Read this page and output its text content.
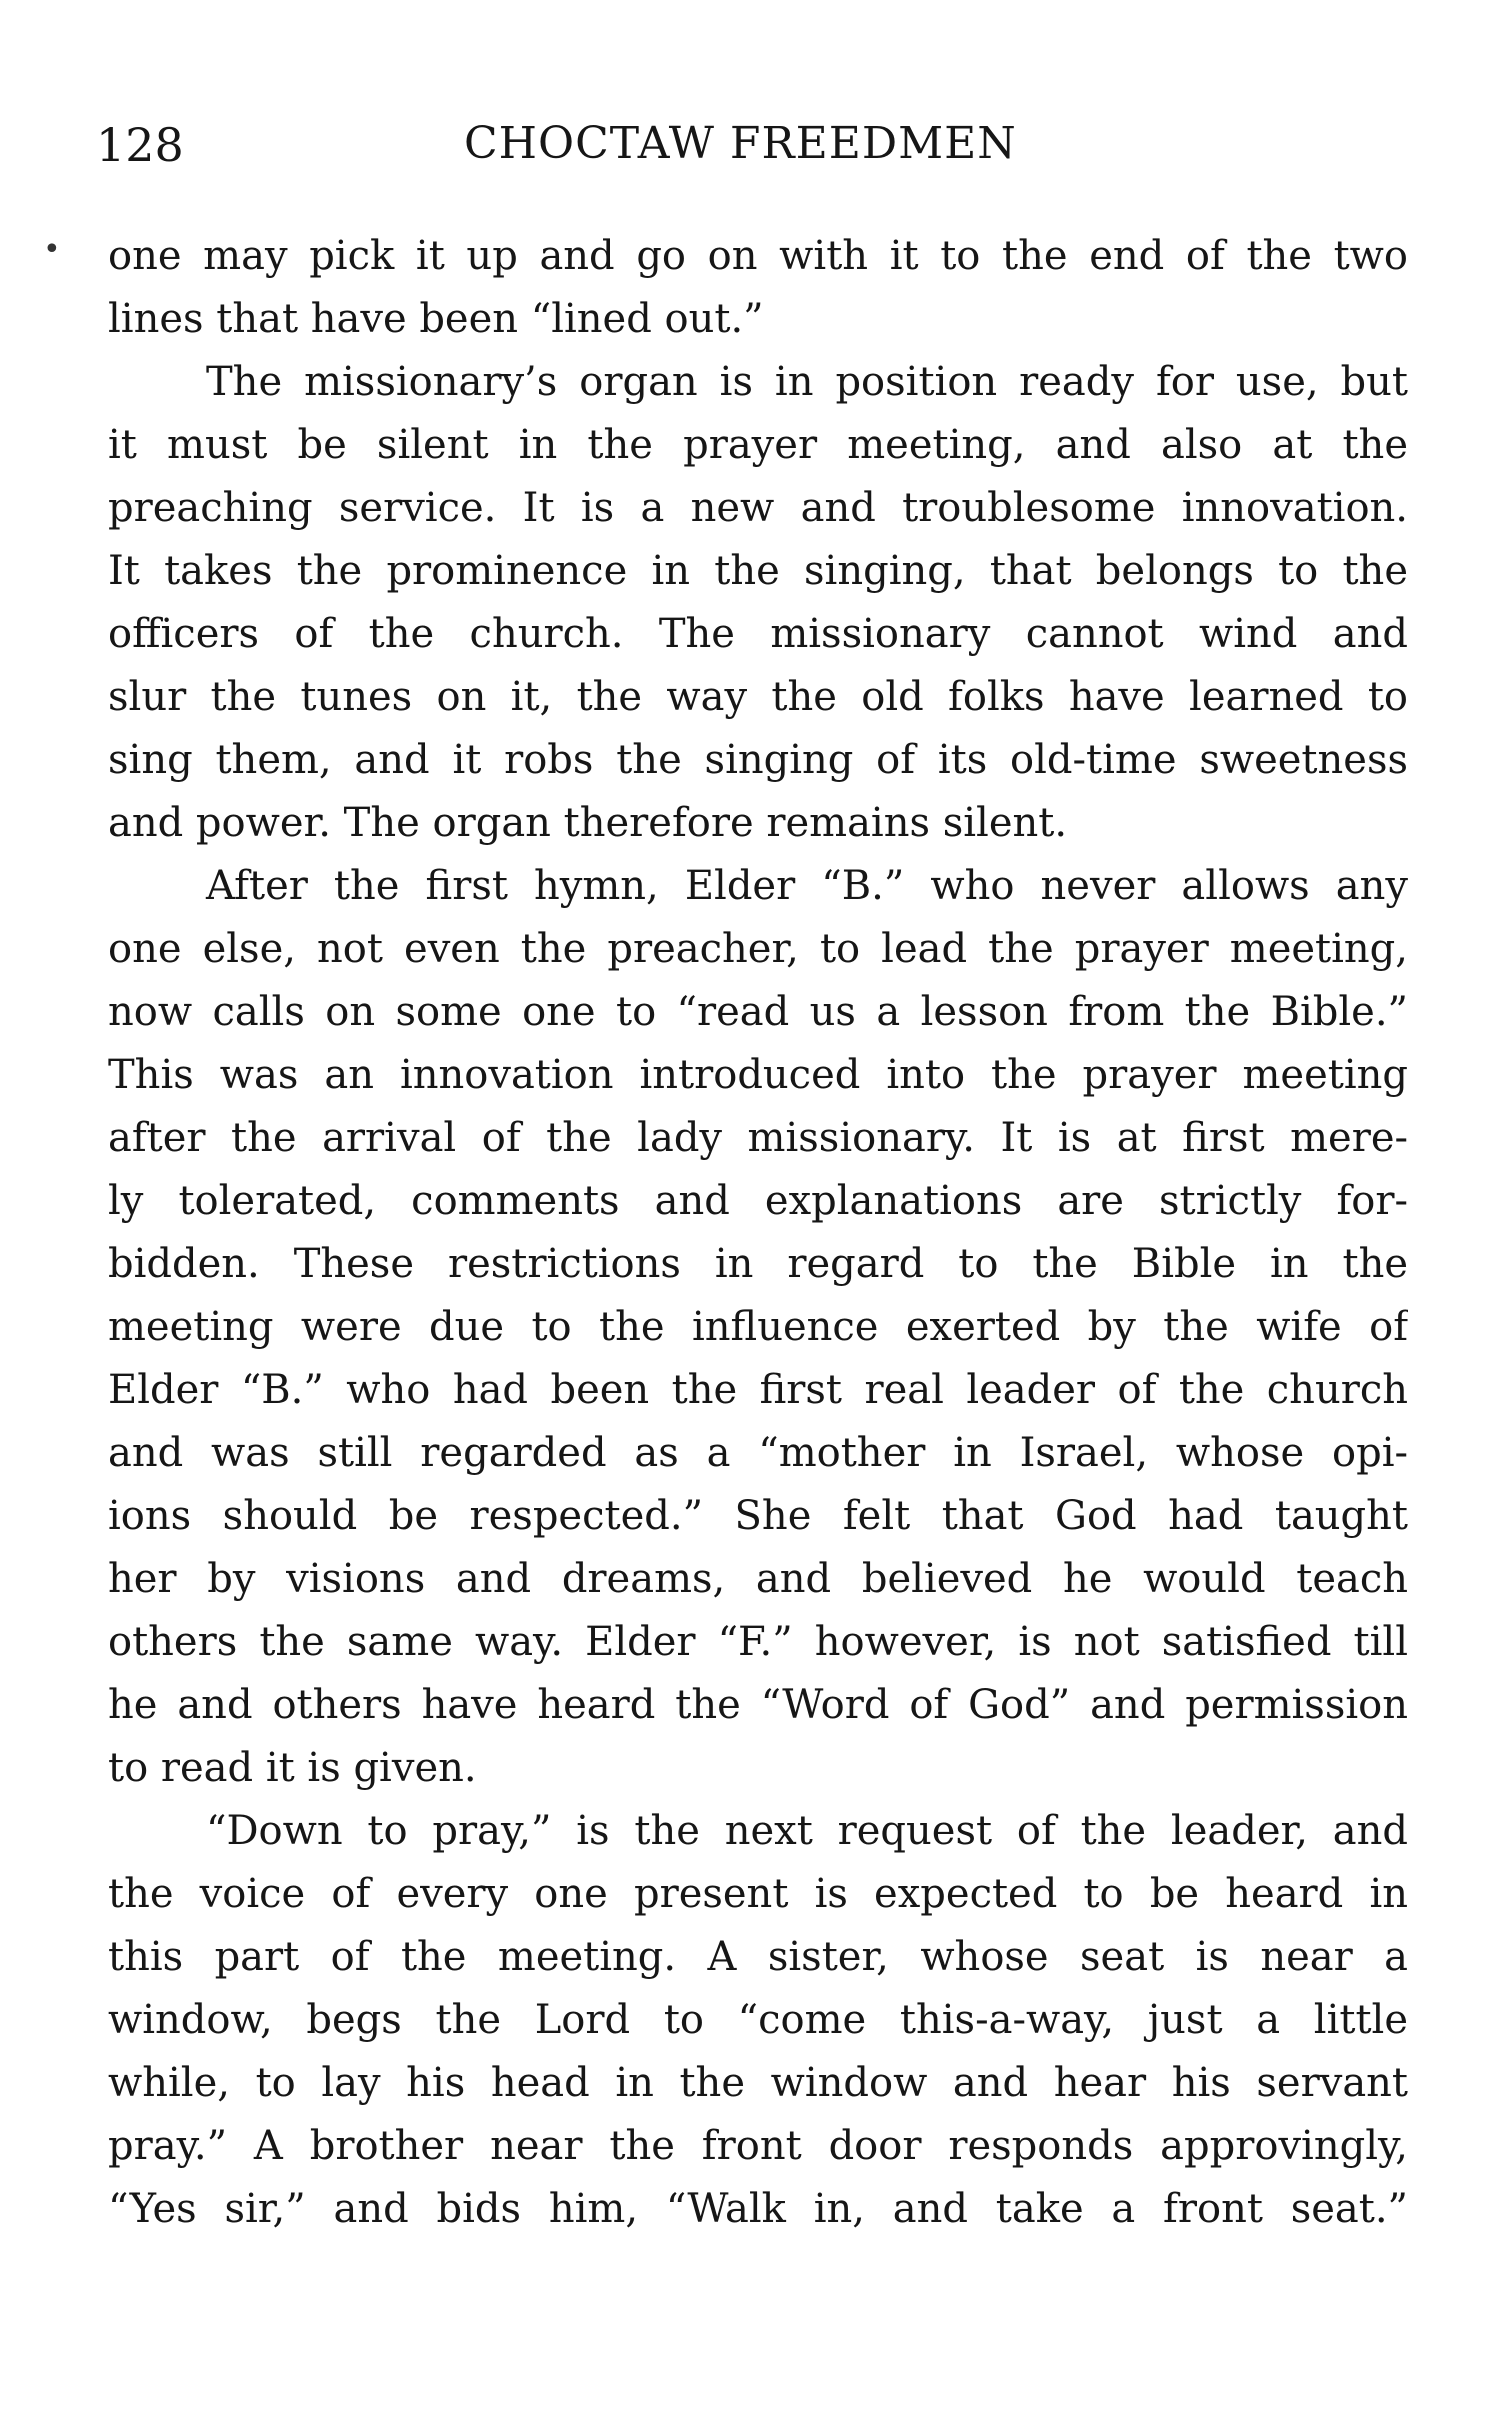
128	CHOCTAW FREEDMEN
• one may pick it up and go on with it to the end of the two
lines that have been “lined out.”
The missionary’s organ is in position ready for use, but
it must be silent in the prayer meeting, and also at the
preaching service. It is a new and troublesome innovation.
It takes the prominence in the singing, that belongs to the
officers of the church. The missionary cannot wind and
slur the tunes on it, the way the old folks have learned to
sing them, and it robs the singing of its old-time sweetness
and power. The organ therefore remains silent.
After the first hymn, Elder “B.” who never allows any
one else, not even the preacher, to lead the prayer meeting,
now calls on some one to “read us a lesson from the Bible.”
This was an innovation introduced into the prayer meeting
after the arrival of the lady missionary. It is at first mere-
ly tolerated, comments and explanations are strictly for-
bidden. These restrictions in regard to the Bible in the
meeting were due to the influence exerted by the wife of
Elder “B.” who had been the first real leader of the church
and was still regarded as a “mother in Israel, whose opi-
ions should be respected.” She felt that God had taught
her by visions and dreams, and believed he would teach
others the same way. Elder “F.” however, is not satisfied till
he and others have heard the “Word of God” and permission
to read it is given.
“Down to pray,” is the next request of the leader, and
the voice of every one present is expected to be heard in
this part of the meeting. A sister, whose seat is near a
window, begs the Lord to “come this-a-way, just a little
while, to lay his head in the window and hear his servant
pray.” A brother near the front door responds approvingly,
“Yes sir,” and bids him, “Walk in, and take a front seat.”
